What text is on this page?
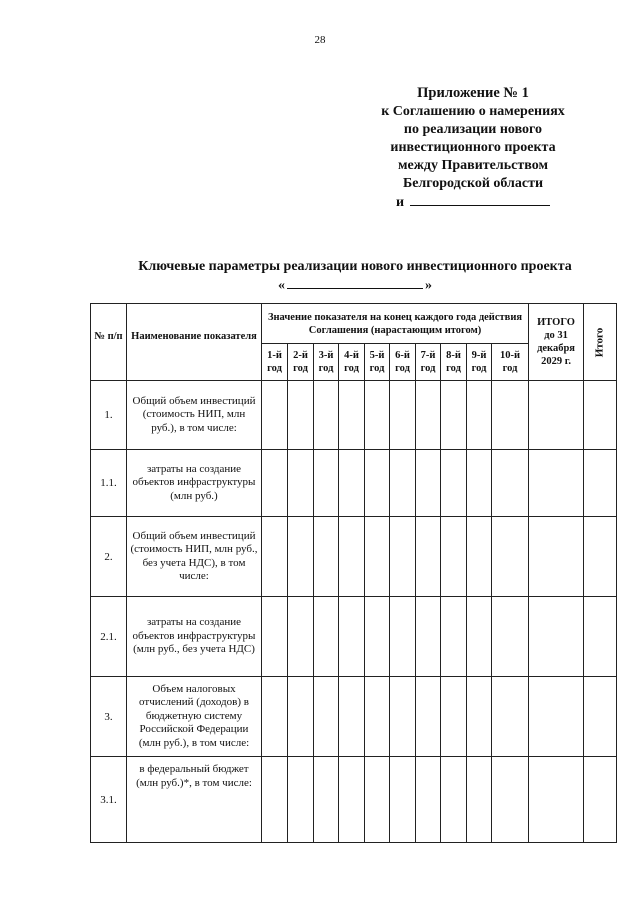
28
Приложение № 1
к Соглашению о намерениях
по реализации нового
инвестиционного проекта
между Правительством
Белгородской области
и
Ключевые параметры реализации нового инвестиционного проекта
«	»
№ п/п	Наименование показателя	Значение показателя на конец каждого года действия Соглашения (нарастающим итогом)										ИТОГО до 31 декабря 2029 г.	Итого
		1-й год	2-й год	3-й год	4-й год	5-й год	6-й год	7-й год	8-й год	9-й год	10-й год		
1.	Общий объем инвестиций (стоимость НИП, млн руб.), в том числе:												
1.1.	затраты на создание объектов инфраструктуры (млн руб.)												
2.	Общий объем инвестиций (стоимость НИП, млн руб., без учета НДС), в том числе:												
2.1.	затраты на создание объектов инфраструктуры (млн руб., без учета НДС)												
3.	Объем налоговых отчислений (доходов) в бюджетную систему Российской Федерации (млн руб.), в том числе:												
3.1.	в федеральный бюджет (млн руб.)*, в том числе:												
